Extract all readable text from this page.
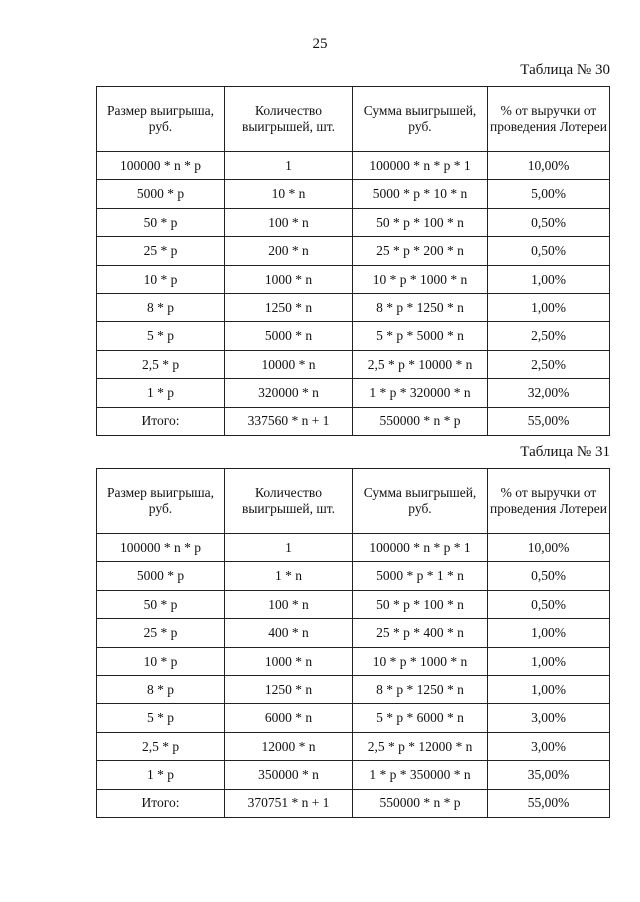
25
Таблица № 30
Размер выигрыша, руб.	Количество выигрышей, шт.	Сумма выигрышей, руб.	% от выручки от проведения Лотереи
100000 * n * p	1	100000 * n * p * 1	10,00%
5000 * p	10 * n	5000 * p * 10 * n	5,00%
50 * p	100 * n	50 * p * 100 * n	0,50%
25 * p	200 * n	25 * p * 200 * n	0,50%
10 * p	1000 * n	10 * p * 1000 * n	1,00%
8 * p	1250 * n	8 * p * 1250 * n	1,00%
5 * p	5000 * n	5 * p * 5000 * n	2,50%
2,5 * p	10000 * n	2,5 * p * 10000 * n	2,50%
1 * p	320000 * n	1 * p * 320000 * n	32,00%
Итого:	337560 * n + 1	550000 * n * p	55,00%
Таблица № 31
Размер выигрыша, руб.	Количество выигрышей, шт.	Сумма выигрышей, руб.	% от выручки от проведения Лотереи
100000 * n * p	1	100000 * n * p * 1	10,00%
5000 * p	1 * n	5000 * p * 1 * n	0,50%
50 * p	100 * n	50 * p * 100 * n	0,50%
25 * p	400 * n	25 * p * 400 * n	1,00%
10 * p	1000 * n	10 * p * 1000 * n	1,00%
8 * p	1250 * n	8 * p * 1250 * n	1,00%
5 * p	6000 * n	5 * p * 6000 * n	3,00%
2,5 * p	12000 * n	2,5 * p * 12000 * n	3,00%
1 * p	350000 * n	1 * p * 350000 * n	35,00%
Итого:	370751 * n + 1	550000 * n * p	55,00%
